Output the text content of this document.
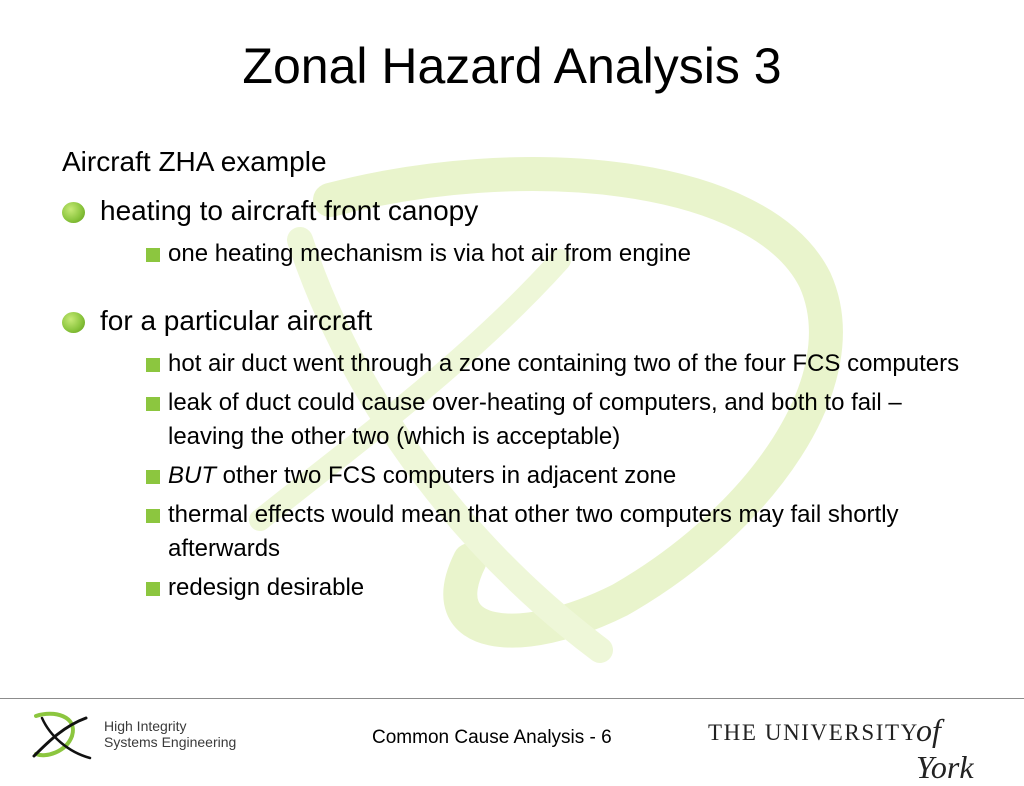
Zonal Hazard Analysis 3

Aircraft ZHA example

heating to aircraft front canopy
one heating mechanism is via hot air from engine
for a particular aircraft
hot air duct went through a zone containing two of the four FCS computers
leak of duct could cause over-heating of computers, and both to fail – leaving the other two (which is acceptable)
BUT other two FCS computers in adjacent zone
thermal effects would mean that other two computers may fail shortly afterwards
redesign desirable
High Integrity
Systems Engineering	Common Cause Analysis - 6	THE UNIVERSITY
of York
